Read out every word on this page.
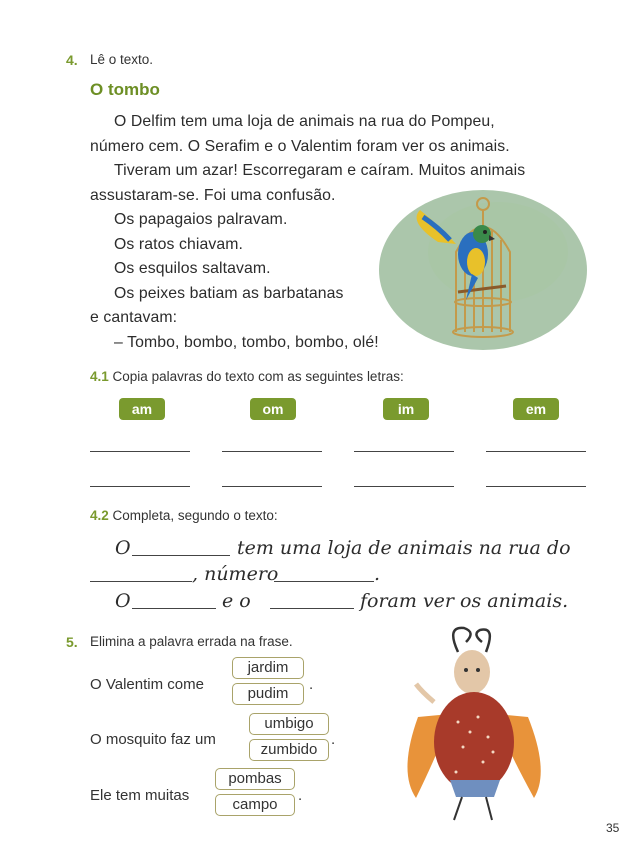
4. Lê o texto.
O tombo

O Delfim tem uma loja de animais na rua do Pompeu,

número cem. O Serafim e o Valentim foram ver os animais.

Tiveram um azar! Escorregaram e caíram. Muitos animais

assustaram-se. Foi uma confusão.

Os papagaios palravam.

Os ratos chiavam.

Os esquilos saltavam.

Os peixes batiam as barbatanas

e cantavam:

– Tombo, bombo, tombo, bombo, olé!

4.1 Copia palavras do texto com as seguintes letras:
am	om	im	em
4.2 Completa, segundo o texto:
O	tem uma loja de animais na rua do
, número	.
O	e o	foram ver os animais.
5. Elimina a palavra errada na frase.
O Valentim come
jardim
pudim
.
O mosquito faz um
umbigo
zumbido
.
Ele tem muitas
pombas
campo
.
35
